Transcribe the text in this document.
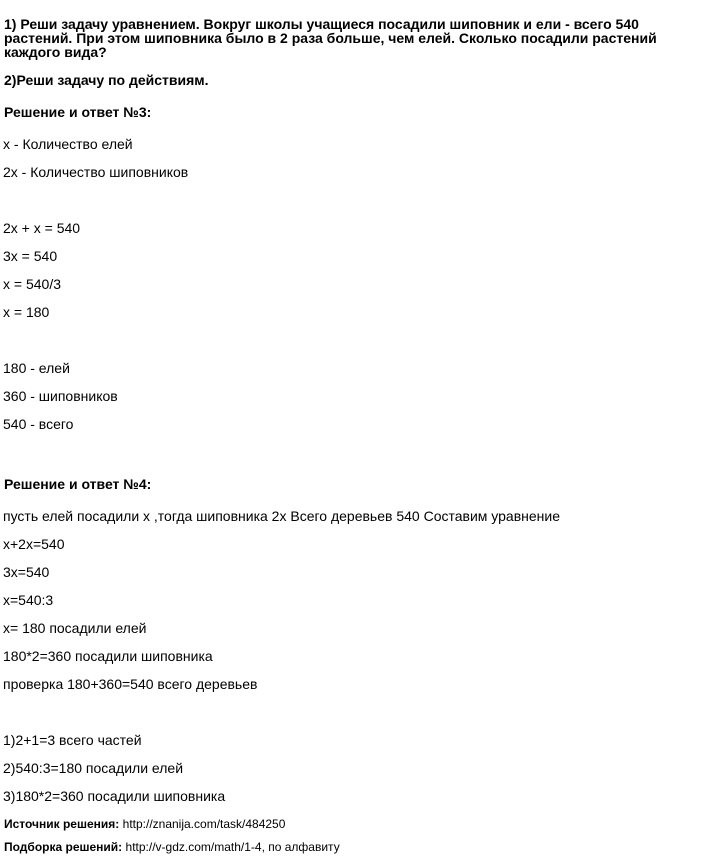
1) Реши задачу уравнением. Вокруг школы учащиеся посадили шиповник и ели - всего 540
растений. При этом шиповника было в 2 раза больше, чем елей. Сколько посадили растений
каждого вида?
2)Реши задачу по действиям.
Решение и ответ №3:
x - Количество елей
2x - Количество шиповников
2x + x = 540
3x = 540
x = 540/3
x = 180
180 - елей
360 - шиповников
540 - всего
Решение и ответ №4:
пусть елей посадили х ,тогда шиповника 2х Всего деревьев 540 Составим уравнение
х+2х=540
3х=540
х=540:3
х= 180 посадили елей
180*2=360 посадили шиповника
проверка 180+360=540 всего деревьев
1)2+1=3 всего частей
2)540:3=180 посадили елей
3)180*2=360 посадили шиповника
Источник решения: http://znanija.com/task/484250
Подборка решений: http://v-gdz.com/math/1-4, по алфавиту
